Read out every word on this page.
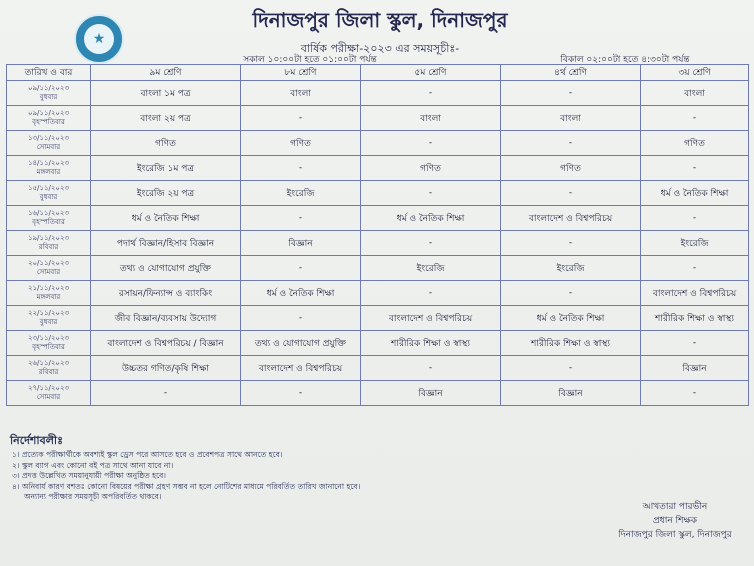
★
দিনাজপুর জিলা স্কুল, দিনাজপুর
বার্ষিক পরীক্ষা-২০২৩ এর সময়সূচীঃ-
সকাল ১০:০০টা হতে ০১:০০টা পর্যন্ত	বিকাল ০২:০০টা হতে ৪:৩০টা পর্যন্ত
তারিখ ও বার	৯ম শ্রেণি	৮ম শ্রেণি	৫ম শ্রেণি	৪র্থ শ্রেণি	৩য় শ্রেণি

০৯/১১/২০২৩
বুধবার	বাংলা ১ম পত্র	বাংলা	-	-	বাংলা

০৯/১১/২০২৩
বৃহস্পতিবার	বাংলা ২য় পত্র	-	বাংলা	বাংলা	-

১৩/১১/২০২৩
সোমবার	গণিত	গণিত	-	-	গণিত

১৪/১১/২০২৩
মঙ্গলবার	ইংরেজি ১ম পত্র	-	গণিত	গণিত	-

১৫/১১/২০২৩
বুধবার	ইংরেজি ২য় পত্র	ইংরেজি	-	-	ধর্ম ও নৈতিক শিক্ষা

১৬/১১/২০২৩
বৃহস্পতিবার	ধর্ম ও নৈতিক শিক্ষা	-	ধর্ম ও নৈতিক শিক্ষা	বাংলাদেশ ও বিশ্বপরিচয়	-

১৯/১১/২০২৩
রবিবার	পদার্থ বিজ্ঞান/হিসাব বিজ্ঞান	বিজ্ঞান	-	-	ইংরেজি

২০/১১/২০২৩
সোমবার	তথ্য ও যোগাযোগ প্রযুক্তি	-	ইংরেজি	ইংরেজি	-

২১/১১/২০২৩
মঙ্গলবার	রসায়ন/ফিন্যান্স ও ব্যাংকিং	ধর্ম ও নৈতিক শিক্ষা	-	-	বাংলাদেশ ও বিশ্বপরিচয়

২২/১১/২০২৩
বুধবার	জীব বিজ্ঞান/ব্যবসায় উদ্যোগ	-	বাংলাদেশ ও বিশ্বপরিচয়	ধর্ম ও নৈতিক শিক্ষা	শারীরিক শিক্ষা ও স্বাস্থ্য

২৩/১১/২০২৩
বৃহস্পতিবার	বাংলাদেশ ও বিশ্বপরিচয় / বিজ্ঞান	তথ্য ও যোগাযোগ প্রযুক্তি	শারীরিক শিক্ষা ও স্বাস্থ্য	শারীরিক শিক্ষা ও স্বাস্থ্য	-

২৬/১১/২০২৩
রবিবার	উচ্চতর গণিত/কৃষি শিক্ষা	বাংলাদেশ ও বিশ্বপরিচয়	-	-	বিজ্ঞান

২৭/১১/২০২৩
সোমবার	-	-	বিজ্ঞান	বিজ্ঞান	-
নির্দেশাবলীঃ
১। প্রত্যেক পরীক্ষার্থীকে অবশ্যই স্কুল ড্রেস পরে আসতে হবে ও প্রবেশপত্র সাথে আনতে হবে।
২। স্কুল ব্যাগ এবং কোনো বই পত্র সাথে আনা যাবে না।
৩। প্রদত্ত উল্লেখিত সময়ানুযায়ী পরীক্ষা অনুষ্ঠিত হবে।
৪। অনিবার্য কারণ বশতঃ কোনো বিষয়ের পরীক্ষা গ্রহণ সম্ভব না হলে নোটিশের মাধ্যমে পরিবর্তিত তারিখ জানানো হবে।
অন্যান্য পরীক্ষার সময়সূচী অপরিবর্তিত থাকবে।
আখতারা পারভীন
প্রধান শিক্ষক
দিনাজপুর জিলা স্কুল, দিনাজপুর
